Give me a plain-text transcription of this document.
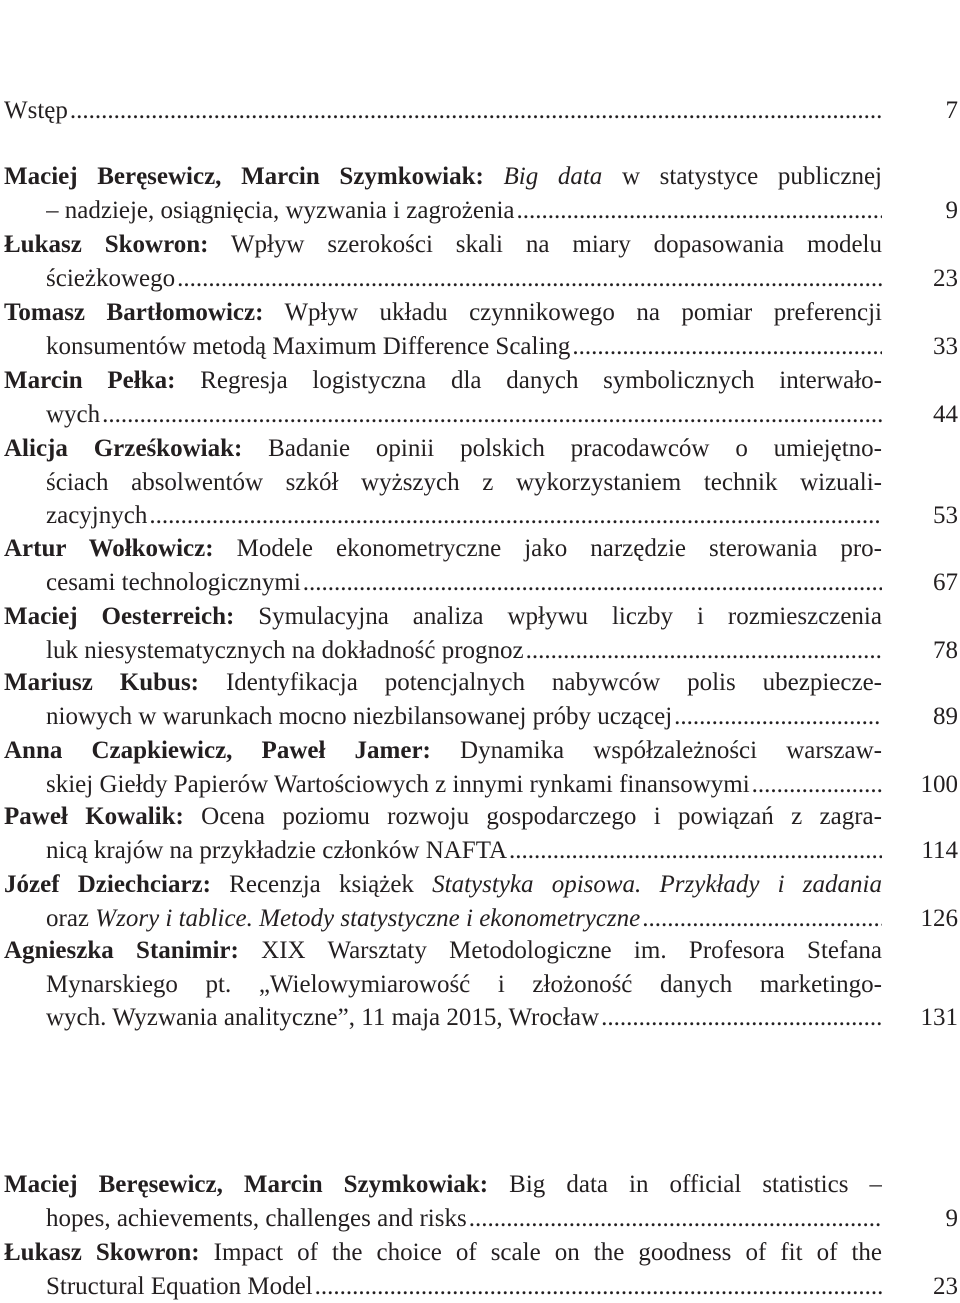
Wstęp .....	7
Maciej Beręsewicz, Marcin Szymkowiak: Big data w statystyce publicznej
– nadzieje, osiągnięcia, wyzwania i zagrożenia .....	9
Łukasz Skowron: Wpływ szerokości skali na miary dopasowania modelu
ścieżkowego .....	23
Tomasz Bartłomowicz: Wpływ układu czynnikowego na pomiar preferencji
konsumentów metodą Maximum Difference Scaling .....	33
Marcin Pełka: Regresja logistyczna dla danych symbolicznych interwało-
wych .....	44
Alicja Grześkowiak: Badanie opinii polskich pracodawców o umiejętno-
ściach absolwentów szkół wyższych z wykorzystaniem technik wizuali-
zacyjnych .....	53
Artur Wołkowicz: Modele ekonometryczne jako narzędzie sterowania pro-
cesami technologicznymi .....	67
Maciej Oesterreich: Symulacyjna analiza wpływu liczby i rozmieszczenia
luk niesystematycznych na dokładność prognoz .....	78
Mariusz Kubus: Identyfikacja potencjalnych nabywców polis ubezpiecze-
niowych w warunkach mocno niezbilansowanej próby uczącej .....	89
Anna Czapkiewicz, Paweł Jamer: Dynamika współzależności warszaw-
skiej Giełdy Papierów Wartościowych z innymi rynkami finansowymi .....	100
Paweł Kowalik: Ocena poziomu rozwoju gospodarczego i powiązań z zagra-
nicą krajów na przykładzie członków NAFTA .....	114
Józef Dziechciarz: Recenzja książek Statystyka opisowa. Przykłady i zadania
oraz Wzory i tablice. Metody statystyczne i ekonometryczne .....	126
Agnieszka Stanimir: XIX Warsztaty Metodologiczne im. Profesora Stefana
Mynarskiego pt. „Wielowymiarowość i złożoność danych marketingo-
wych. Wyzwania analityczne”, 11 maja 2015, Wrocław .....	131
Maciej Beręsewicz, Marcin Szymkowiak: Big data in official statistics –
hopes, achievements, challenges and risks .....	9
Łukasz Skowron: Impact of the choice of scale on the goodness of fit of the
Structural Equation Model .....	23
